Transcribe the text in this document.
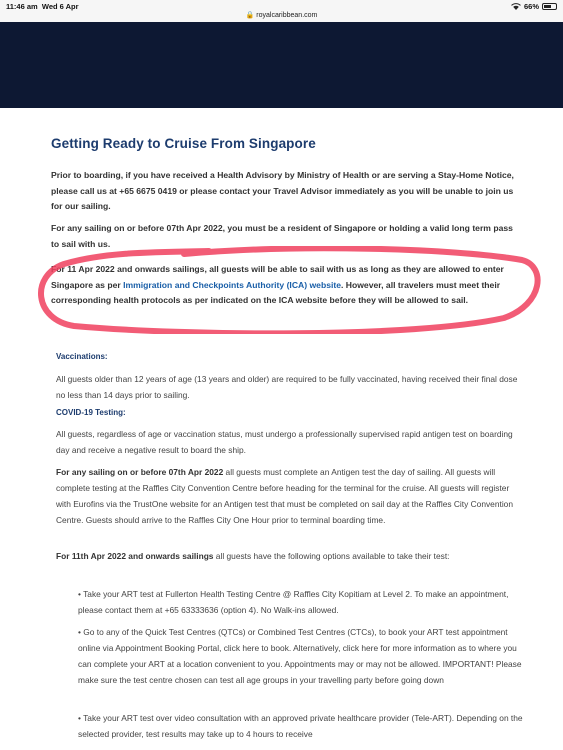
11:46 am Wed 6 Apr
🔒 royalcaribbean.com
66%
Getting Ready to Cruise From Singapore

Prior to boarding, if you have received a Health Advisory by Ministry of Health or are serving a Stay-Home Notice, please call us at +65 6675 0419 or please contact your Travel Advisor immediately as you will be unable to join us for our sailing.

For any sailing on or before 07th Apr 2022, you must be a resident of Singapore or holding a valid long term pass to sail with us.

For 11 Apr 2022 and onwards sailings, all guests will be able to sail with us as long as they are allowed to enter Singapore as per Immigration and Checkpoints Authority (ICA) website. However, all travelers must meet their corresponding health protocols as per indicated on the ICA website before they will be allowed to sail.

Vaccinations:

All guests older than 12 years of age (13 years and older) are required to be fully vaccinated, having received their final dose no less than 14 days prior to sailing.

COVID-19 Testing:

All guests, regardless of age or vaccination status, must undergo a professionally supervised rapid antigen test on boarding day and receive a negative result to board the ship.

For any sailing on or before 07th Apr 2022 all guests must complete an Antigen test the day of sailing. All guests will complete testing at the Raffles City Convention Centre before heading for the terminal for the cruise. All guests will register with Eurofins via the TrustOne website for an Antigen test that must be completed on sail day at the Raffles City Convention Centre. Guests should arrive to the Raffles City One Hour prior to terminal boarding time.

For 11th Apr 2022 and onwards sailings all guests have the following options available to take their test:

• Take your ART test at Fullerton Health Testing Centre @ Raffles City Kopitiam at Level 2. To make an appointment, please contact them at +65 63333636 (option 4). No Walk-ins allowed.

• Go to any of the Quick Test Centres (QTCs) or Combined Test Centres (CTCs), to book your ART test appointment online via Appointment Booking Portal, click here to book. Alternatively, click here for more information as to where you can complete your ART at a location convenient to you. Appointments may or may not be allowed. IMPORTANT! Please make sure the test centre chosen can test all age groups in your travelling party before going down

• Take your ART test over video consultation with an approved private healthcare provider (Tele-ART). Depending on the selected provider, test results may take up to 4 hours to receive
